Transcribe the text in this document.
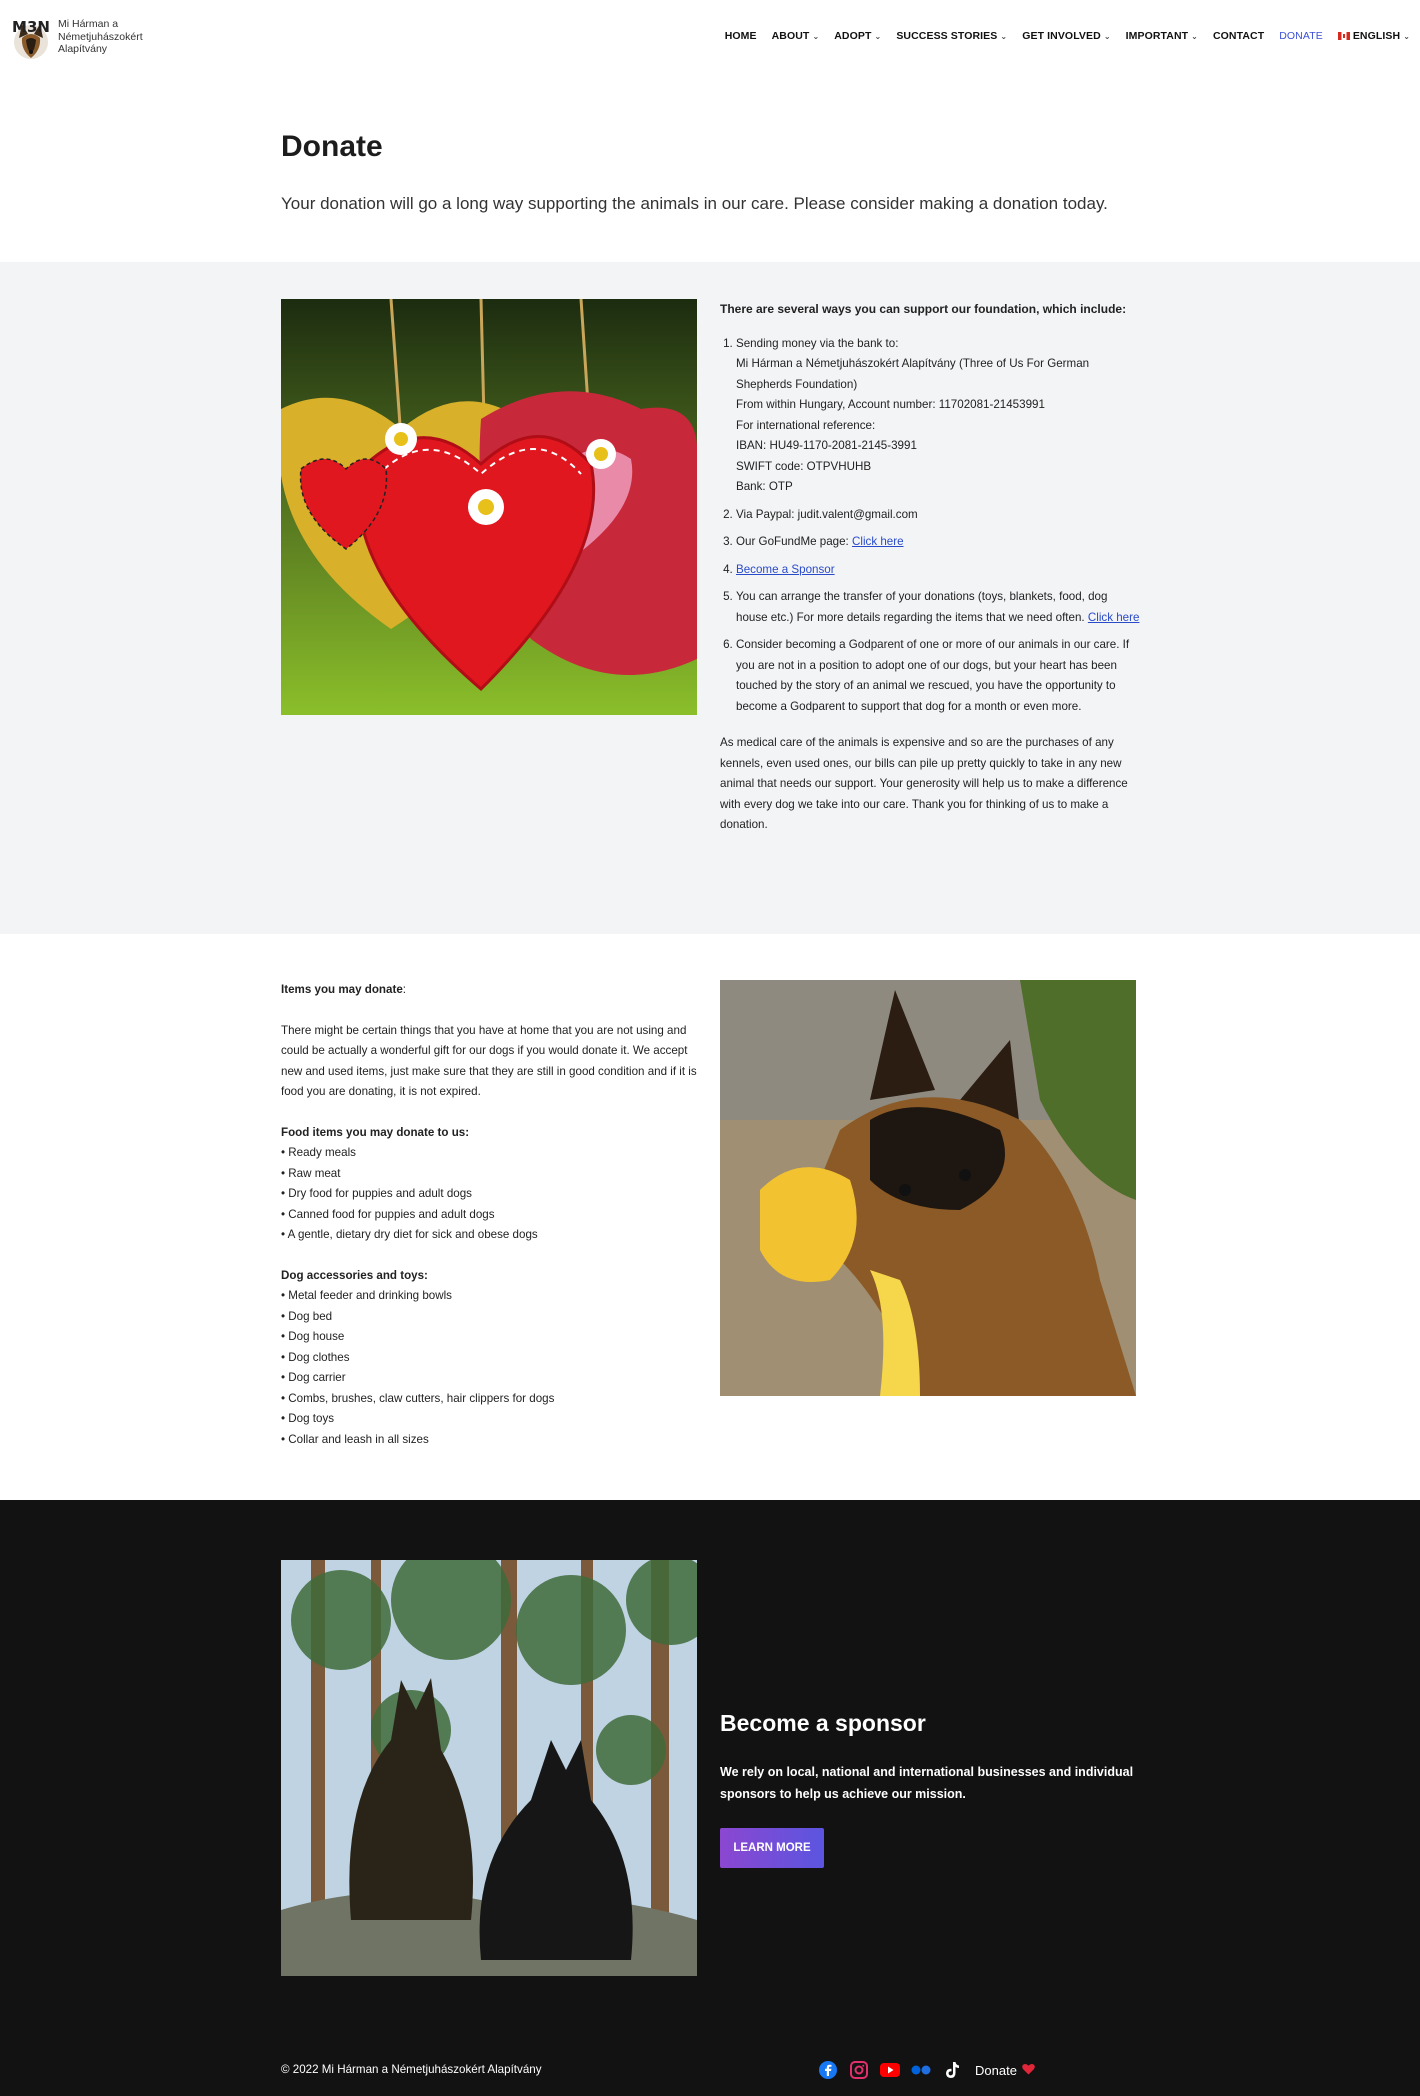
M3N Mi Hárman a Németjuhászokért Alapítvány
HOME ABOUT ⌄ ADOPT ⌄ SUCCESS STORIES ⌄ GET INVOLVED ⌄ IMPORTANT ⌄ CONTACT DONATE	ENGLISH ⌄
Donate

Your donation will go a long way supporting the animals in our care. Please consider making a donation today.

There are several ways you can support our foundation, which include:
1. Sending money via the bank to:
Mi Hárman a Németjuhászokért Alapítvány (Three of Us For German Shepherds Foundation)
From within Hungary, Account number: 11702081-21453991
For international reference:
IBAN: HU49-1170-2081-2145-3991
SWIFT code: OTPVHUHB
Bank: OTP
2. Via Paypal: judit.valent@gmail.com
3. Our GoFundMe page: Click here
4. Become a Sponsor
5. You can arrange the transfer of your donations (toys, blankets, food, dog house etc.) For more details regarding the items that we need often. Click here
6. Consider becoming a Godparent of one or more of our animals in our care. If you are not in a position to adopt one of our dogs, but your heart has been touched by the story of an animal we rescued, you have the opportunity to become a Godparent to support that dog for a month or even more.

As medical care of the animals is expensive and so are the purchases of any kennels, even used ones, our bills can pile up pretty quickly to take in any new animal that needs our support. Your generosity will help us to make a difference with every dog we take into our care. Thank you for thinking of us to make a donation.

Items you may donate:

There might be certain things that you have at home that you are not using and could be actually a wonderful gift for our dogs if you would donate it. We accept new and used items, just make sure that they are still in good condition and if it is food you are donating, it is not expired.

Food items you may donate to us:
• Ready meals
• Raw meat
• Dry food for puppies and adult dogs
• Canned food for puppies and adult dogs
• A gentle, dietary dry diet for sick and obese dogs
Dog accessories and toys:
• Metal feeder and drinking bowls
• Dog bed
• Dog house
• Dog clothes
• Dog carrier
• Combs, brushes, claw cutters, hair clippers for dogs
• Dog toys
• Collar and leash in all sizes
Become a sponsor

We rely on local, national and international businesses and individual sponsors to help us achieve our mission.

LEARN MORE
© 2022 Mi Hárman a Németjuhászokért Alapítvány	Donate
